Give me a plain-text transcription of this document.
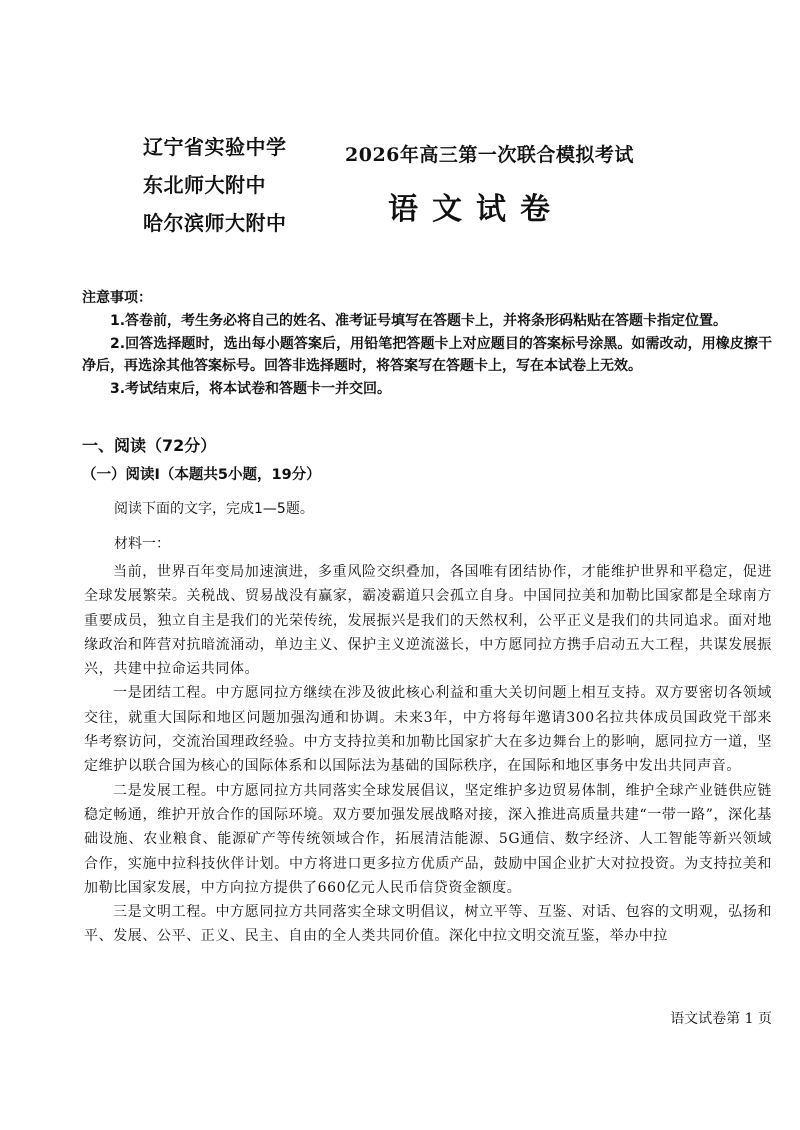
辽宁省实验中学
东北师大附中
哈尔滨师大附中
2026年高三第一次联合模拟考试
语文试卷
注意事项：

1.答卷前，考生务必将自己的姓名、准考证号填写在答题卡上，并将条形码粘贴在答题卡指定位置。

2.回答选择题时，选出每小题答案后，用铅笔把答题卡上对应题目的答案标号涂黑。如需改动，用橡皮擦干净后，再选涂其他答案标号。回答非选择题时，将答案写在答题卡上，写在本试卷上无效。

3.考试结束后，将本试卷和答题卡一并交回。

一、阅读（72分）
（一）阅读Ⅰ（本题共5小题，19分）
阅读下面的文字，完成1—5题。
材料一：

当前，世界百年变局加速演进，多重风险交织叠加，各国唯有团结协作，才能维护世界和平稳定，促进全球发展繁荣。关税战、贸易战没有赢家，霸凌霸道只会孤立自身。中国同拉美和加勒比国家都是全球南方重要成员，独立自主是我们的光荣传统，发展振兴是我们的天然权利，公平正义是我们的共同追求。面对地缘政治和阵营对抗暗流涌动，单边主义、保护主义逆流滋长，中方愿同拉方携手启动五大工程，共谋发展振兴，共建中拉命运共同体。

一是团结工程。中方愿同拉方继续在涉及彼此核心利益和重大关切问题上相互支持。双方要密切各领域交往，就重大国际和地区问题加强沟通和协调。未来3年，中方将每年邀请300名拉共体成员国政党干部来华考察访问，交流治国理政经验。中方支持拉美和加勒比国家扩大在多边舞台上的影响，愿同拉方一道，坚定维护以联合国为核心的国际体系和以国际法为基础的国际秩序，在国际和地区事务中发出共同声音。

二是发展工程。中方愿同拉方共同落实全球发展倡议，坚定维护多边贸易体制，维护全球产业链供应链稳定畅通，维护开放合作的国际环境。双方要加强发展战略对接，深入推进高质量共建“一带一路”，深化基础设施、农业粮食、能源矿产等传统领域合作，拓展清洁能源、5G通信、数字经济、人工智能等新兴领域合作，实施中拉科技伙伴计划。中方将进口更多拉方优质产品，鼓励中国企业扩大对拉投资。为支持拉美和加勒比国家发展，中方向拉方提供了660亿元人民币信贷资金额度。

三是文明工程。中方愿同拉方共同落实全球文明倡议，树立平等、互鉴、对话、包容的文明观，弘扬和平、发展、公平、正义、民主、自由的全人类共同价值。深化中拉文明交流互鉴，举办中拉

语文试卷第 1 页
